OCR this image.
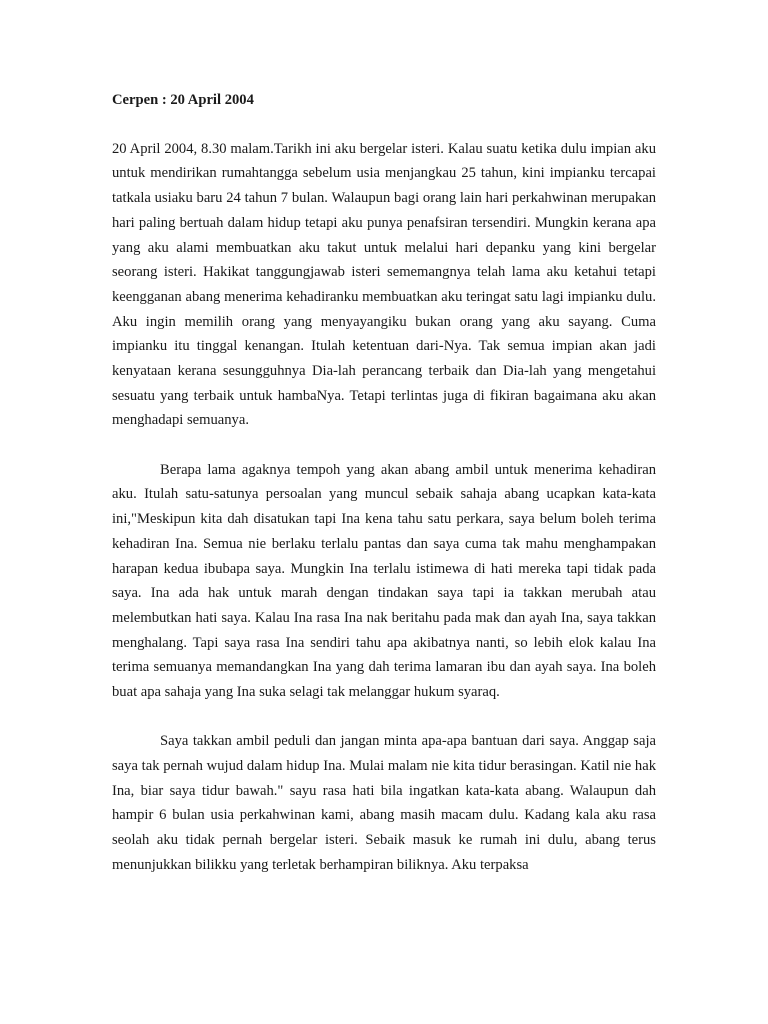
Cerpen : 20 April 2004

20 April 2004, 8.30 malam.Tarikh ini aku bergelar isteri. Kalau suatu ketika dulu impian aku untuk mendirikan rumahtangga sebelum usia menjangkau 25 tahun, kini impianku tercapai tatkala usiaku baru 24 tahun 7 bulan. Walaupun bagi orang lain hari perkahwinan merupakan hari paling bertuah dalam hidup tetapi aku punya penafsiran tersendiri. Mungkin kerana apa yang aku alami membuatkan aku takut untuk melalui hari depanku yang kini bergelar seorang isteri. Hakikat tanggungjawab isteri sememangnya telah lama aku ketahui tetapi keengganan abang menerima kehadiranku membuatkan aku teringat satu lagi impianku dulu. Aku ingin memilih orang yang menyayangiku bukan orang yang aku sayang. Cuma impianku itu tinggal kenangan. Itulah ketentuan dari-Nya. Tak semua impian akan jadi kenyataan kerana sesungguhnya Dia-lah perancang terbaik dan Dia-lah yang mengetahui sesuatu yang terbaik untuk hambaNya. Tetapi terlintas juga di fikiran bagaimana aku akan menghadapi semuanya.

Berapa lama agaknya tempoh yang akan abang ambil untuk menerima kehadiran aku. Itulah satu-satunya persoalan yang muncul sebaik sahaja abang ucapkan kata-kata ini,"Meskipun kita dah disatukan tapi Ina kena tahu satu perkara, saya belum boleh terima kehadiran Ina. Semua nie berlaku terlalu pantas dan saya cuma tak mahu menghampakan harapan kedua ibubapa saya. Mungkin Ina terlalu istimewa di hati mereka tapi tidak pada saya. Ina ada hak untuk marah dengan tindakan saya tapi ia takkan merubah atau melembutkan hati saya. Kalau Ina rasa Ina nak beritahu pada mak dan ayah Ina, saya takkan menghalang. Tapi saya rasa Ina sendiri tahu apa akibatnya nanti, so lebih elok kalau Ina terima semuanya memandangkan Ina yang dah terima lamaran ibu dan ayah saya. Ina boleh buat apa sahaja yang Ina suka selagi tak melanggar hukum syaraq.

Saya takkan ambil peduli dan jangan minta apa-apa bantuan dari saya. Anggap saja saya tak pernah wujud dalam hidup Ina. Mulai malam nie kita tidur berasingan. Katil nie hak Ina, biar saya tidur bawah." sayu rasa hati bila ingatkan kata-kata abang. Walaupun dah hampir 6 bulan usia perkahwinan kami, abang masih macam dulu. Kadang kala aku rasa seolah aku tidak pernah bergelar isteri. Sebaik masuk ke rumah ini dulu, abang terus menunjukkan bilikku yang terletak berhampiran biliknya. Aku terpaksa
